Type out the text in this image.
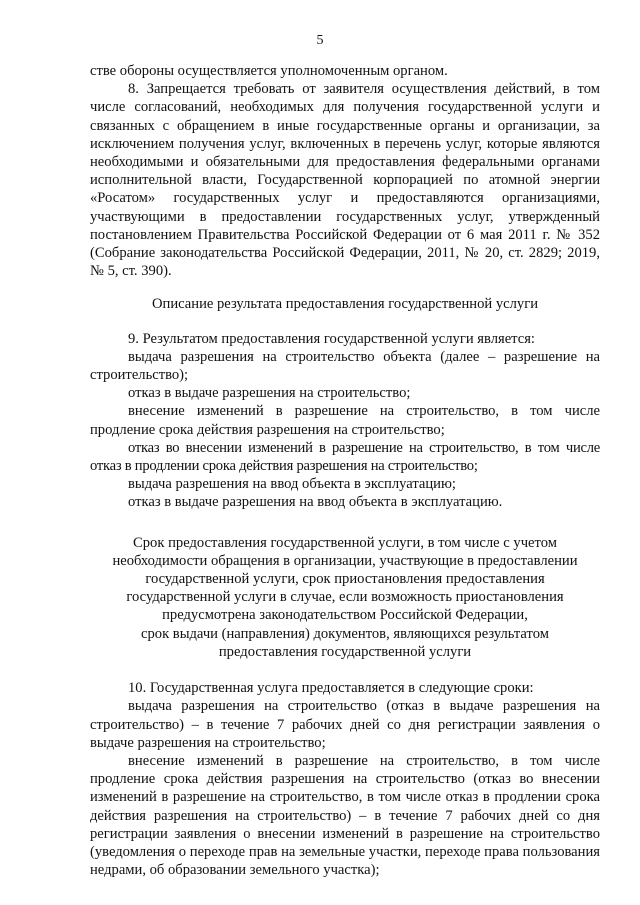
5

стве обороны осуществляется уполномоченным органом.

8. Запрещается требовать от заявителя осуществления действий, в том числе согласований, необходимых для получения государственной услуги и связанных с обращением в иные государственные органы и организации, за исключением получения услуг, включенных в перечень услуг, которые являются необходимыми и обязательными для предоставления федеральными органами исполнительной власти, Государственной корпорацией по атомной энергии «Росатом» государственных услуг и предоставляются организациями, участвующими в предоставлении государственных услуг, утвержденный постановлением Правительства Российской Федерации от 6 мая 2011 г. № 352 (Собрание законодательства Российской Федерации, 2011, № 20, ст. 2829; 2019, № 5, ст. 390).

Описание результата предоставления государственной услуги

9. Результатом предоставления государственной услуги является:

выдача разрешения на строительство объекта (далее – разрешение на строительство);

отказ в выдаче разрешения на строительство;

внесение изменений в разрешение на строительство, в том числе продление срока действия разрешения на строительство;

отказ во внесении изменений в разрешение на строительство, в том числе отказ в продлении срока действия разрешения на строительство;

выдача разрешения на ввод объекта в эксплуатацию;

отказ в выдаче разрешения на ввод объекта в эксплуатацию.

Срок предоставления государственной услуги, в том числе с учетом

необходимости обращения в организации, участвующие в предоставлении

государственной услуги, срок приостановления предоставления

государственной услуги в случае, если возможность приостановления

предусмотрена законодательством Российской Федерации,

срок выдачи (направления) документов, являющихся результатом

предоставления государственной услуги

10. Государственная услуга предоставляется в следующие сроки:

выдача разрешения на строительство (отказ в выдаче разрешения на строительство) – в течение 7 рабочих дней со дня регистрации заявления о выдаче разрешения на строительство;

внесение изменений в разрешение на строительство, в том числе продление срока действия разрешения на строительство (отказ во внесении изменений в разрешение на строительство, в том числе отказ в продлении срока действия разрешения на строительство) – в течение 7 рабочих дней со дня регистрации заявления о внесении изменений в разрешение на строительство (уведомления о переходе прав на земельные участки, переходе права пользования недрами, об образовании земельного участка);
